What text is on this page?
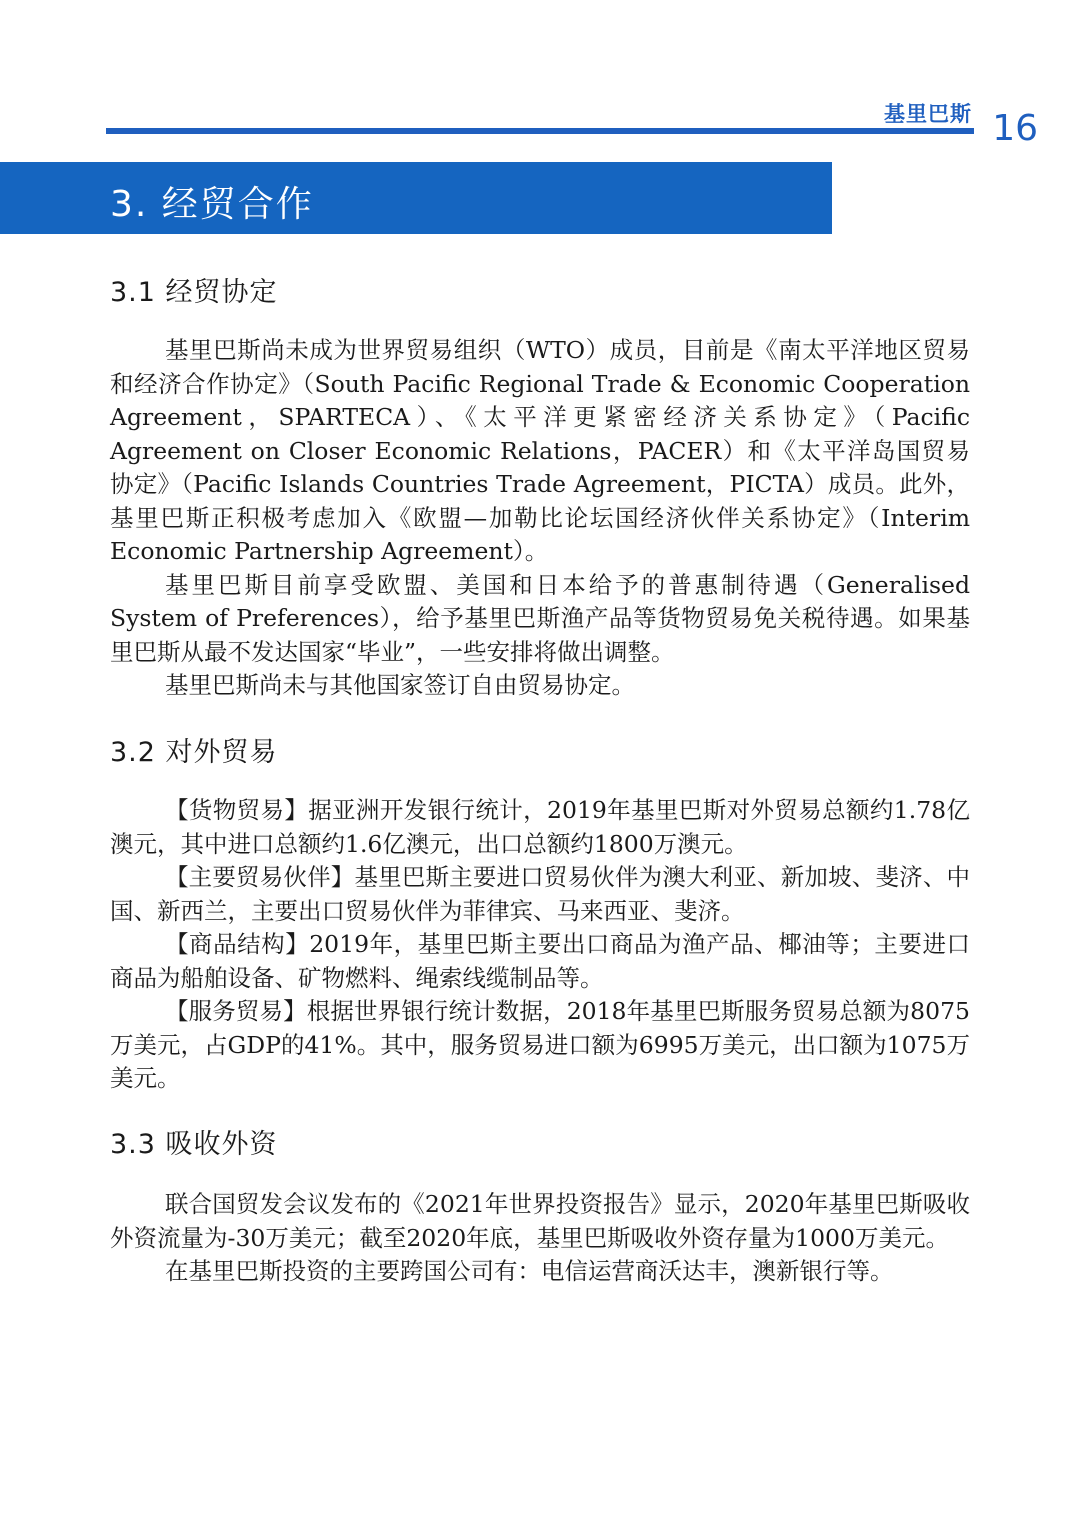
基里巴斯 16
3. 经贸合作
3.1 经贸协定

基里巴斯尚未成为世界贸易组织（WTO）成员，目前是《南太平洋地区贸易和经济合作协定》（South Pacific Regional Trade & Economic Cooperation Agreement，SPARTECA）、《太平洋更紧密经济关系协定》（Pacific Agreement on Closer Economic Relations，PACER）和《太平洋岛国贸易协定》（Pacific Islands Countries Trade Agreement，PICTA）成员。此外，基里巴斯正积极考虑加入《欧盟—加勒比论坛国经济伙伴关系协定》（Interim Economic Partnership Agreement）。

基里巴斯目前享受欧盟、美国和日本给予的普惠制待遇（Generalised System of Preferences），给予基里巴斯渔产品等货物贸易免关税待遇。如果基里巴斯从最不发达国家“毕业”，一些安排将做出调整。

基里巴斯尚未与其他国家签订自由贸易协定。

3.2 对外贸易

【货物贸易】据亚洲开发银行统计，2019年基里巴斯对外贸易总额约1.78亿澳元，其中进口总额约1.6亿澳元，出口总额约1800万澳元。

【主要贸易伙伴】基里巴斯主要进口贸易伙伴为澳大利亚、新加坡、斐济、中国、新西兰，主要出口贸易伙伴为菲律宾、马来西亚、斐济。

【商品结构】2019年，基里巴斯主要出口商品为渔产品、椰油等；主要进口商品为船舶设备、矿物燃料、绳索线缆制品等。

【服务贸易】根据世界银行统计数据，2018年基里巴斯服务贸易总额为8075万美元，占GDP的41%。其中，服务贸易进口额为6995万美元，出口额为1075万美元。

3.3 吸收外资

联合国贸发会议发布的《2021年世界投资报告》显示，2020年基里巴斯吸收外资流量为-30万美元；截至2020年底，基里巴斯吸收外资存量为1000万美元。

在基里巴斯投资的主要跨国公司有：电信运营商沃达丰，澳新银行等。
